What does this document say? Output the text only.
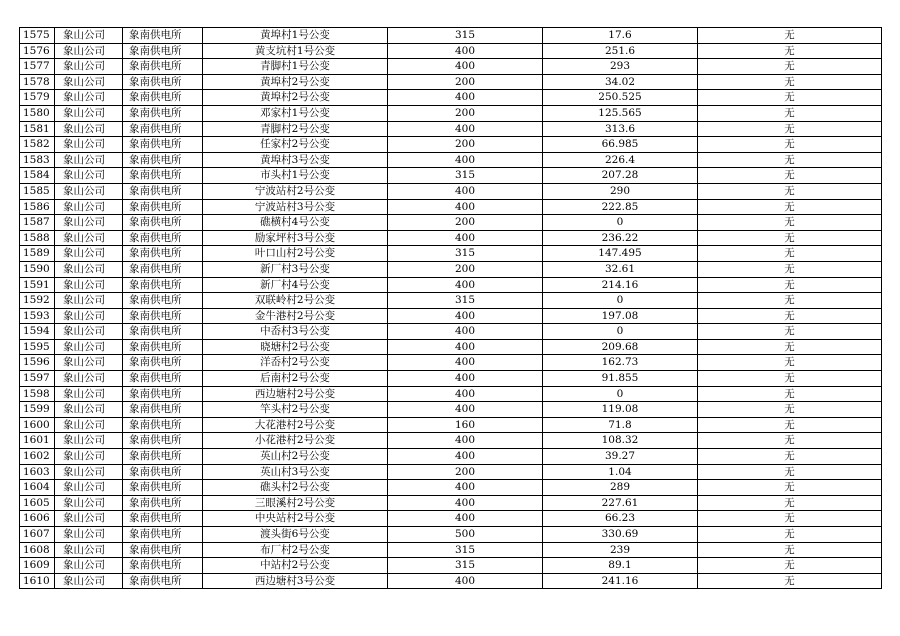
1575	象山公司	象南供电所	黄埠村1号公变	315	17.6	无
1576	象山公司	象南供电所	黄支坑村1号公变	400	251.6	无
1577	象山公司	象南供电所	青脚村1号公变	400	293	无
1578	象山公司	象南供电所	黄埠村2号公变	200	34.02	无
1579	象山公司	象南供电所	黄埠村2号公变	400	250.525	无
1580	象山公司	象南供电所	邓家村1号公变	200	125.565	无
1581	象山公司	象南供电所	青脚村2号公变	400	313.6	无
1582	象山公司	象南供电所	任家村2号公变	200	66.985	无
1583	象山公司	象南供电所	黄埠村3号公变	400	226.4	无
1584	象山公司	象南供电所	市头村1号公变	315	207.28	无
1585	象山公司	象南供电所	宁波站村2号公变	400	290	无
1586	象山公司	象南供电所	宁波站村3号公变	400	222.85	无
1587	象山公司	象南供电所	礁横村4号公变	200	0	无
1588	象山公司	象南供电所	励家坪村3号公变	400	236.22	无
1589	象山公司	象南供电所	叶口山村2号公变	315	147.495	无
1590	象山公司	象南供电所	新厂村3号公变	200	32.61	无
1591	象山公司	象南供电所	新厂村4号公变	400	214.16	无
1592	象山公司	象南供电所	双联岭村2号公变	315	0	无
1593	象山公司	象南供电所	金牛港村2号公变	400	197.08	无
1594	象山公司	象南供电所	中岙村3号公变	400	0	无
1595	象山公司	象南供电所	晓塘村2号公变	400	209.68	无
1596	象山公司	象南供电所	洋岙村2号公变	400	162.73	无
1597	象山公司	象南供电所	后南村2号公变	400	91.855	无
1598	象山公司	象南供电所	西边塘村2号公变	400	0	无
1599	象山公司	象南供电所	竿头村2号公变	400	119.08	无
1600	象山公司	象南供电所	大花港村2号公变	160	71.8	无
1601	象山公司	象南供电所	小花港村2号公变	400	108.32	无
1602	象山公司	象南供电所	英山村2号公变	400	39.27	无
1603	象山公司	象南供电所	英山村3号公变	200	1.04	无
1604	象山公司	象南供电所	礁头村2号公变	400	289	无
1605	象山公司	象南供电所	三眼溪村2号公变	400	227.61	无
1606	象山公司	象南供电所	中央站村2号公变	400	66.23	无
1607	象山公司	象南供电所	渡头街6号公变	500	330.69	无
1608	象山公司	象南供电所	布厂村2号公变	315	239	无
1609	象山公司	象南供电所	中站村2号公变	315	89.1	无
1610	象山公司	象南供电所	西边塘村3号公变	400	241.16	无
